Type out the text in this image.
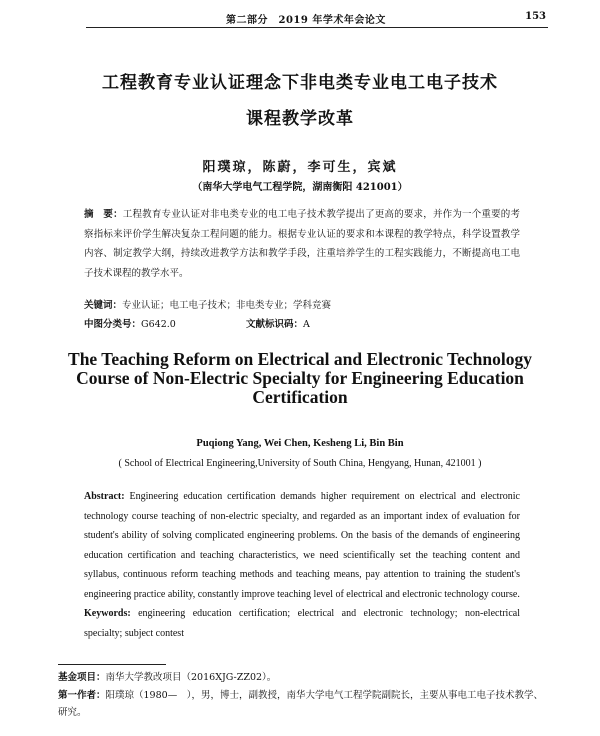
第二部分　2019 年学术年会论文	153
工程教育专业认证理念下非电类专业电工电子技术
课程教学改革
阳璞琼，陈蔚，李可生，宾斌
（南华大学电气工程学院，湖南衡阳 421001）
摘　要：工程教育专业认证对非电类专业的电工电子技术教学提出了更高的要求，并作为一个重要的考察指标来评价学生解决复杂工程问题的能力。根据专业认证的要求和本课程的教学特点，科学设置教学内容、制定教学大纲，持续改进教学方法和教学手段，注重培养学生的工程实践能力，不断提高电工电子技术课程的教学水平。
关键词：专业认证；电工电子技术；非电类专业；学科竞赛
中图分类号：G642.0	文献标识码：A
The Teaching Reform on Electrical and Electronic Technology
Course of Non-Electric Specialty for Engineering Education
Certification
Puqiong Yang, Wei Chen, Kesheng Li, Bin Bin
( School of Electrical Engineering,University of South China, Hengyang, Hunan, 421001 )
Abstract: Engineering education certification demands higher requirement on electrical and electronic technology course teaching of non-electric specialty, and regarded as an important index of evaluation for student's ability of solving complicated engineering problems. On the basis of the demands of engineering education certification and teaching characteristics, we need scientifically set the teaching content and syllabus, continuous reform teaching methods and teaching means, pay attention to training the student's engineering practice ability, constantly improve teaching level of electrical and electronic technology course.
Keywords: engineering education certification; electrical and electronic technology; non-electrical specialty; subject contest
基金项目：南华大学教改项目（2016XJG-ZZ02）。
第一作者：阳璞琼（1980—　），男，博士，副教授，南华大学电气工程学院副院长，主要从事电工电子技术教学、研究。
